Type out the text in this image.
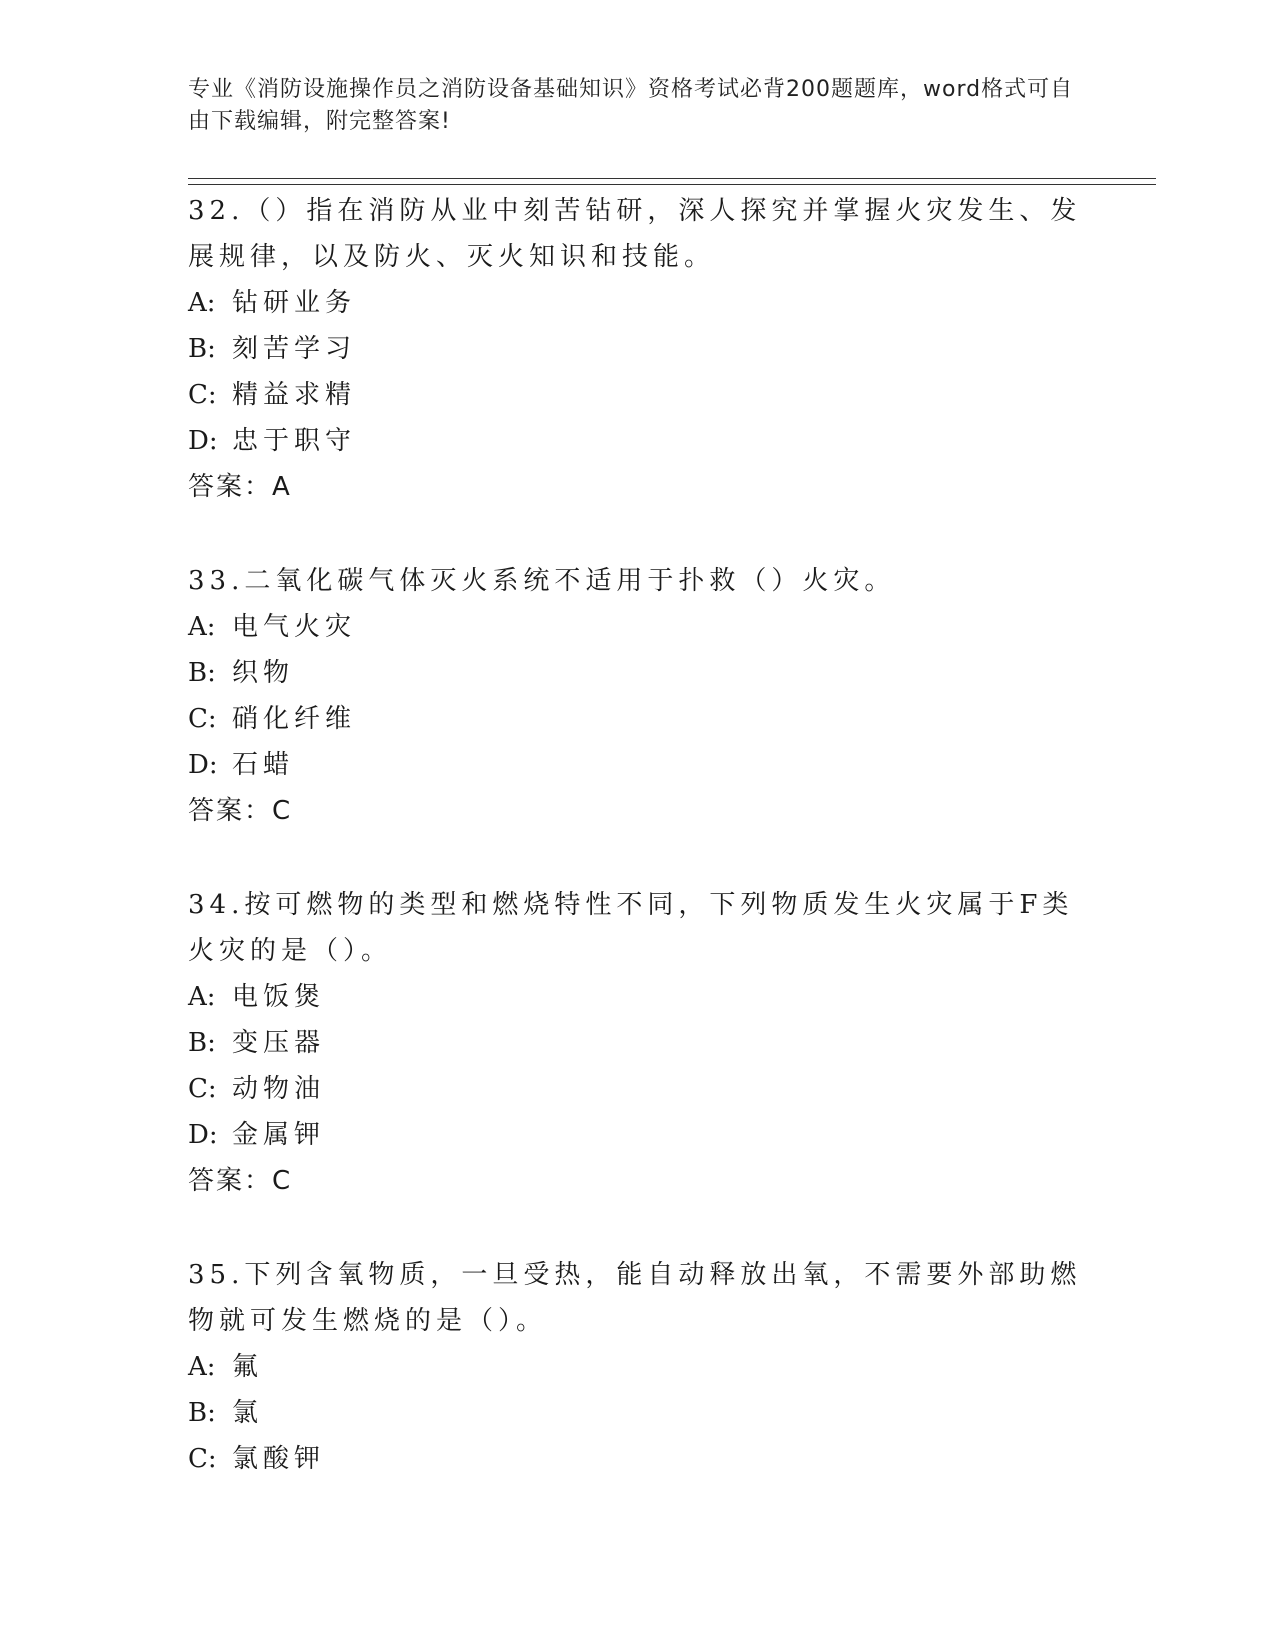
专业《消防设施操作员之消防设备基础知识》资格考试必背200题题库，word格式可自由下载编辑，附完整答案!

32.（）指在消防从业中刻苦钻研，深人探究并掌握火灾发生、发展规律，以及防火、灭火知识和技能。

A: 钻研业务

B: 刻苦学习

C: 精益求精

D: 忠于职守

答案：A

33.二氧化碳气体灭火系统不适用于扑救（）火灾。

A: 电气火灾

B: 织物

C: 硝化纤维

D: 石蜡

答案：C

34.按可燃物的类型和燃烧特性不同，下列物质发生火灾属于F类火灾的是（）。

A: 电饭煲

B: 变压器

C: 动物油

D: 金属钾

答案：C

35.下列含氧物质，一旦受热，能自动释放出氧，不需要外部助燃物就可发生燃烧的是（）。

A: 氟

B: 氯

C: 氯酸钾
